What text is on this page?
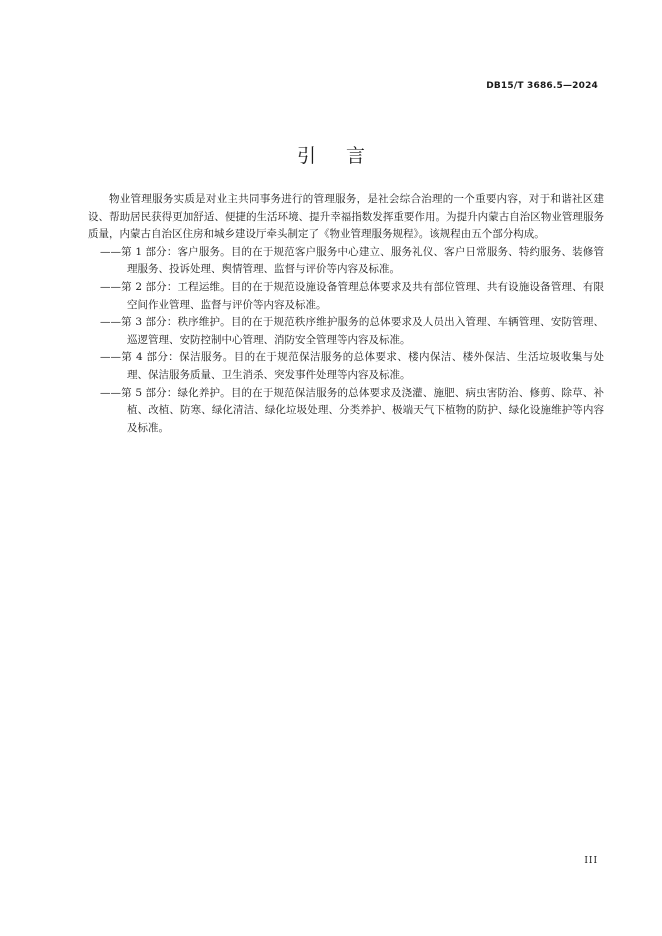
DB15/T 3686.5—2024
引言

物业管理服务实质是对业主共同事务进行的管理服务，是社会综合治理的一个重要内容，对于和谐社区建设、帮助居民获得更加舒适、便捷的生活环境、提升幸福指数发挥重要作用。为提升内蒙古自治区物业管理服务质量，内蒙古自治区住房和城乡建设厅牵头制定了《物业管理服务规程》。该规程由五个部分构成。

——第 1 部分：客户服务。目的在于规范客户服务中心建立、服务礼仪、客户日常服务、特约服务、装修管理服务、投诉处理、舆情管理、监督与评价等内容及标准。

——第 2 部分：工程运维。目的在于规范设施设备管理总体要求及共有部位管理、共有设施设备管理、有限空间作业管理、监督与评价等内容及标准。

——第 3 部分：秩序维护。目的在于规范秩序维护服务的总体要求及人员出入管理、车辆管理、安防管理、巡逻管理、安防控制中心管理、消防安全管理等内容及标准。

——第 4 部分：保洁服务。目的在于规范保洁服务的总体要求、楼内保洁、楼外保洁、生活垃圾收集与处理、保洁服务质量、卫生消杀、突发事件处理等内容及标准。

——第 5 部分：绿化养护。目的在于规范保洁服务的总体要求及浇灌、施肥、病虫害防治、修剪、除草、补植、改植、防寒、绿化清洁、绿化垃圾处理、分类养护、极端天气下植物的防护、绿化设施维护等内容及标准。

III
